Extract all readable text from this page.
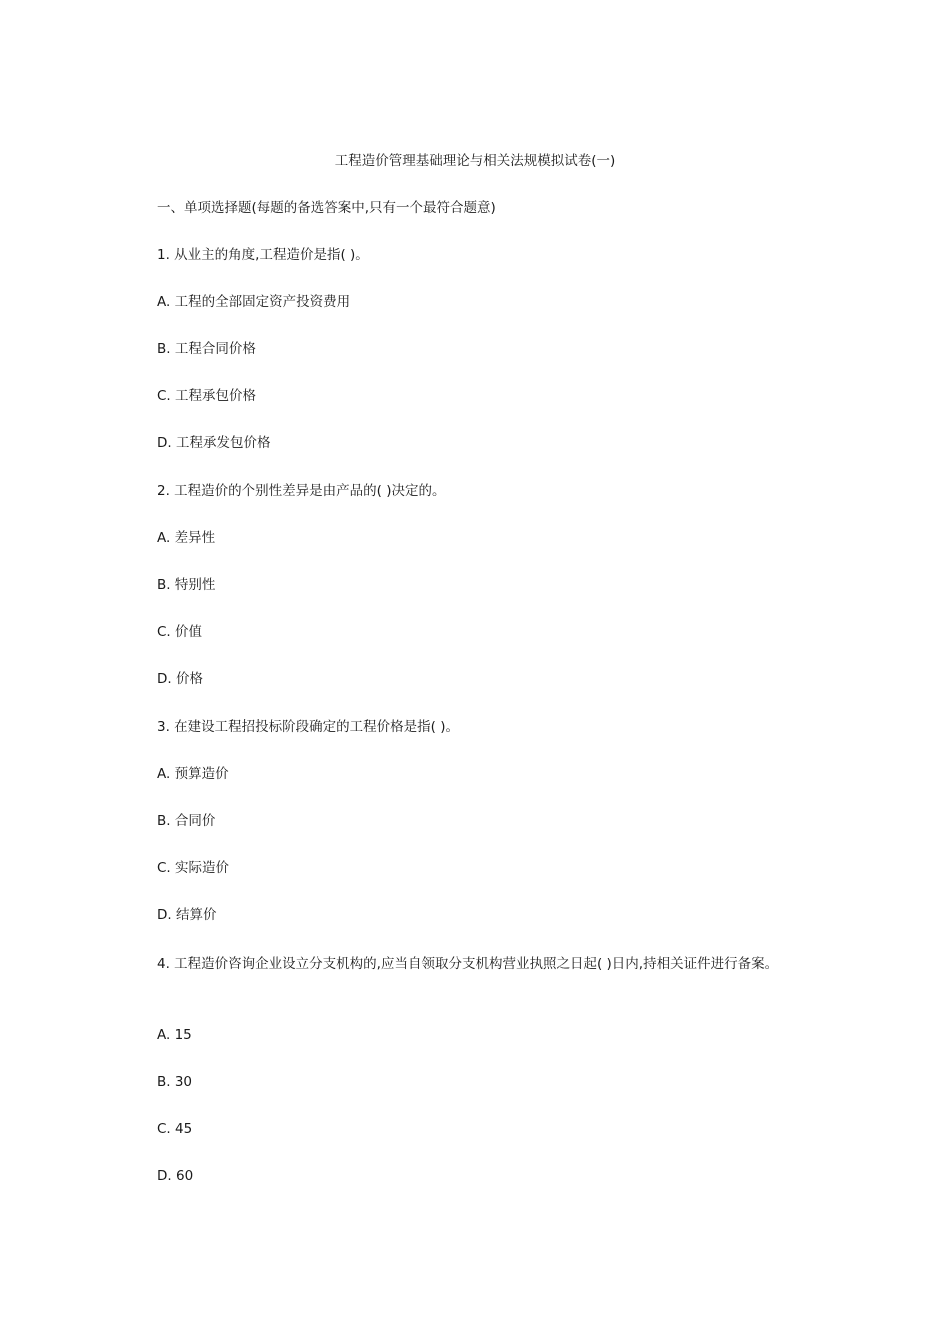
工程造价管理基础理论与相关法规模拟试卷(一)
一、单项选择题(每题的备选答案中,只有一个最符合题意)
1. 从业主的角度,工程造价是指( )。
A. 工程的全部固定资产投资费用
B. 工程合同价格
C. 工程承包价格
D. 工程承发包价格
2. 工程造价的个别性差异是由产品的( )决定的。
A. 差异性
B. 特别性
C. 价值
D. 价格
3. 在建设工程招投标阶段确定的工程价格是指( )。
A. 预算造价
B. 合同价
C. 实际造价
D. 结算价
4. 工程造价咨询企业设立分支机构的,应当自领取分支机构营业执照之日起( )日内,持相关证件进行备案。
A. 15
B. 30
C. 45
D. 60
